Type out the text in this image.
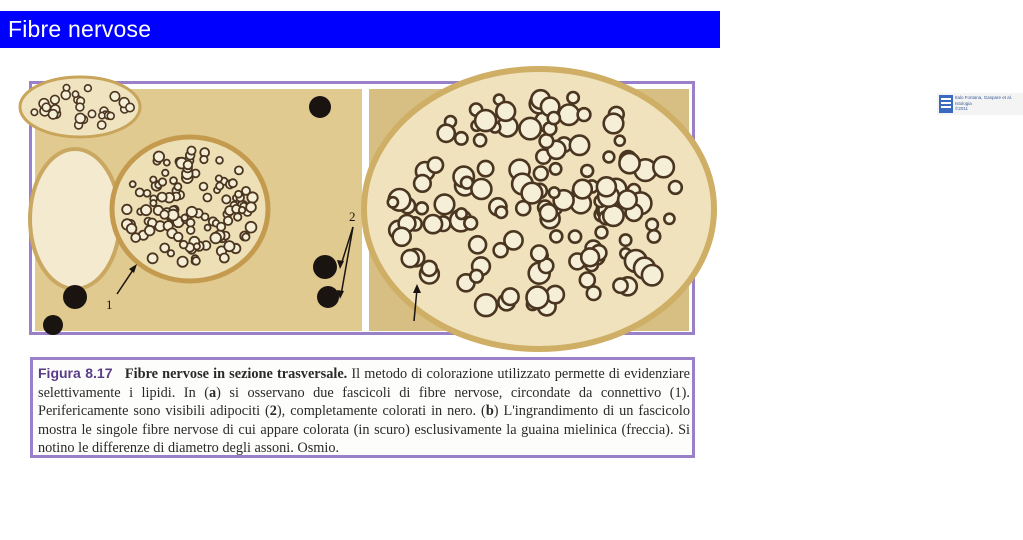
Fibre nervose
2
1
Italo Fontana, Gaspare et al.
Istologia
©2011
Figura 8.17 Fibre nervose in sezione trasversale. Il metodo di colorazione utilizzato permette di evidenziare selettivamente i lipidi. In (a) si osservano due fascicoli di fibre nervose, circondate da connettivo (1). Perifericamente sono visibili adipociti (2), completamente colorati in nero. (b) L'ingrandimento di un fascicolo mostra le singole fibre nervose di cui appare colorata (in scuro) esclusivamente la guaina mielinica (freccia). Si notino le differenze di diametro degli assoni. Osmio.
